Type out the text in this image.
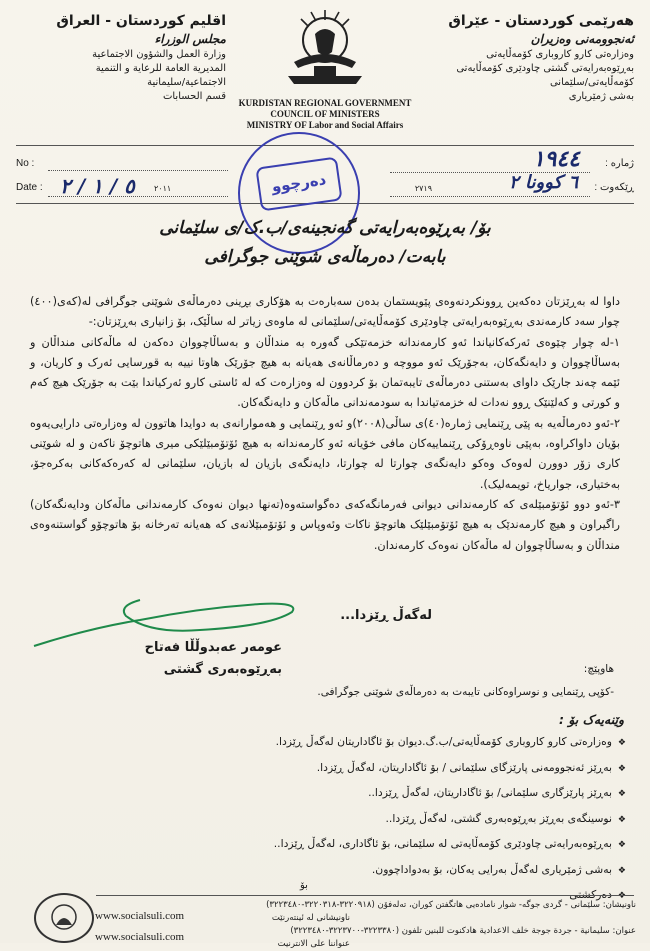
هەرێمی کوردستان - عێراق
ئەنجوومەنی وەزیران
وەزارەتی کارو کاروباری کۆمەڵایەتی
بەڕێوەبەرایەتی گشتی چاودێری کۆمەڵایەتی
کۆمەڵایەتی/سلێمانی
بەشی ژمێریاری
اقليم كوردستان - العراق
مجلس الوزراء
وزارة العمل والشؤون الاجتماعية
المديرية العامة للرعاية و التنمية
الاجتماعية/سليمانية
قسم الحسابات
KURDISTAN REGIONAL GOVERNMENT
COUNCIL OF MINISTERS
MINISTRY OF Labor and Social Affairs
No :
Date : ٥ / ١ / ٢ ٢٠١١
ژمارە :
١٩٤٤
ڕێکەوت :
٦ کوونا ٢
٢٧١٩
دەرچوو
بۆ/ بەڕێوەبەرایەتی گەنجینەی/ب.ک/ی سلێمانی
بابەت/ دەرماڵەی شوێنی جوگرافی

داوا لە بەڕێزتان دەکەین ڕوونکردنەوەی پێویستمان بدەن سەبارەت بە هۆکاری بڕینی دەرماڵەی شوێنی جوگرافی لە(کەی(٤٠٠) چوار سەد کارمەندی بەڕێوەبەرایەتی چاودێری کۆمەڵایەتی/سلێمانی لە ماوەی زیاتر لە ساڵێک، بۆ زانیاری بەڕێزتان:-

١-لە چوار چێوەی ئەرکەکانیاندا ئەو کارمەندانە خزمەتێکی گەورە بە منداڵان و بەساڵاچووان دەکەن لە ماڵەکانی منداڵان و بەساڵاچووان و دایەنگەکان، بەجۆرێک ئەو مووچە و دەرماڵانەی هەیانە بە هیچ جۆرێک هاوتا نییە بە قورسایی ئەرک و کاریان، و ئێمە چەند جارێک داوای بەستنی دەرماڵەی تایبەتمان بۆ کردوون لە وەزارەت کە لە ئاستی کارو ئەرکیاندا بێت بە جۆرێک هیچ کەم و کورتی و کەلێنێک ڕوو نەدات لە خزمەتیاندا بە سودمەندانی ماڵەکان و دایەنگەکان.

٢-ئەو دەرماڵەیە بە پێی ڕێنمایی ژمارە(٤٠)ی ساڵی(٢٠٠٨)و ئەو ڕێنمایی و هەموارانەی بە دوایدا هاتوون لە وەزارەتی دارایی‌یەوە بۆیان داواکراوە، بەپێی ناوەڕۆکی ڕێنماییەکان مافی خۆیانە ئەو کارمەندانە بە هیچ ئۆتۆمبێلێکی میری هاتوچۆ ناکەن و لە شوێنی کاری زۆر دوورن لەوەک وەکو دایەنگەی چوارتا لە چوارتا، دایەنگەی بازیان لە بازیان، سلێمانی لە کەرەکەکانی بەکرەجۆ، بەختیاری، جواریاخ، تویمەلیک).

٣-ئەو دوو ئۆتۆمبێلەی کە کارمەندانی دیوانی فەرمانگەکەی دەگواستەوە(تەنها دیوان نەوەک کارمەندانی ماڵەکان ودایەنگەکان) راگیراون و هیچ کارمەندێک بە هیچ ئۆتۆمبێلێک هاتوچۆ ناکات وئەوپاس و ئۆتۆمبێلانەی کە هەیانە تەرخانە بۆ هاتوچۆو گواستنەوەی منداڵان و بەساڵاچووان لە ماڵەکان نەوەک کارمەندان.

لەگەڵ ڕێزدا...
عومەر عەبدوڵڵا فەتاح
بەڕێوەبەری گشتی	هاوپێچ:
-کۆپی ڕێنمایی و نوسراوەکانی تایبەت بە دەرماڵەی شوێنی جوگرافی.
وێنەیەک بۆ :
❖وەزارەتی کارو کاروباری کۆمەڵایەتی/ب.گ.دیوان بۆ ئاگاداریتان لەگەڵ ڕێزدا.
❖بەڕێز ئەنجوومەنی پارێزگای سلێمانی / بۆ ئاگاداریتان، لەگەڵ ڕێزدا.
❖بەڕێز پارێزگاری سلێمانی/ بۆ ئاگاداریتان، لەگەڵ ڕێزدا..
❖نوسینگەی بەڕێز بەڕێوەبەری گشتی، لەگەڵ ڕێزدا..
❖بەڕێوەبەرایەتی چاودێری کۆمەڵایەتی لە سلێمانی، بۆ ئاگاداری، لەگەڵ ڕێزدا..
❖بەشی ژمێریاری لەگەڵ بەرایی یەکان، بۆ بەدواداچوون.
❖دەرکشتی
بۆ
ناونیشان: سلێمانی - گردی جوگە- شوار نامادەیی هاتگفتن کوران، تەلەفۆن (٣٢٢٠٩١٨-٣٢٢٠٣١٨-٣٢٢٣٤٨٠)
ناونیشانی لە ئینتەرنێت
www.socialsuli.com
عنوان: سليمانية - جردة جوجة خلف الاعدادية هادكنوت للبنين تلفون (٣٢٢٣٣٨٠-٣٢٢٣٧٠٠-٣٢٢٣٤٨٠)
عنواننا على الانترنيت
www.socialsuli.com
